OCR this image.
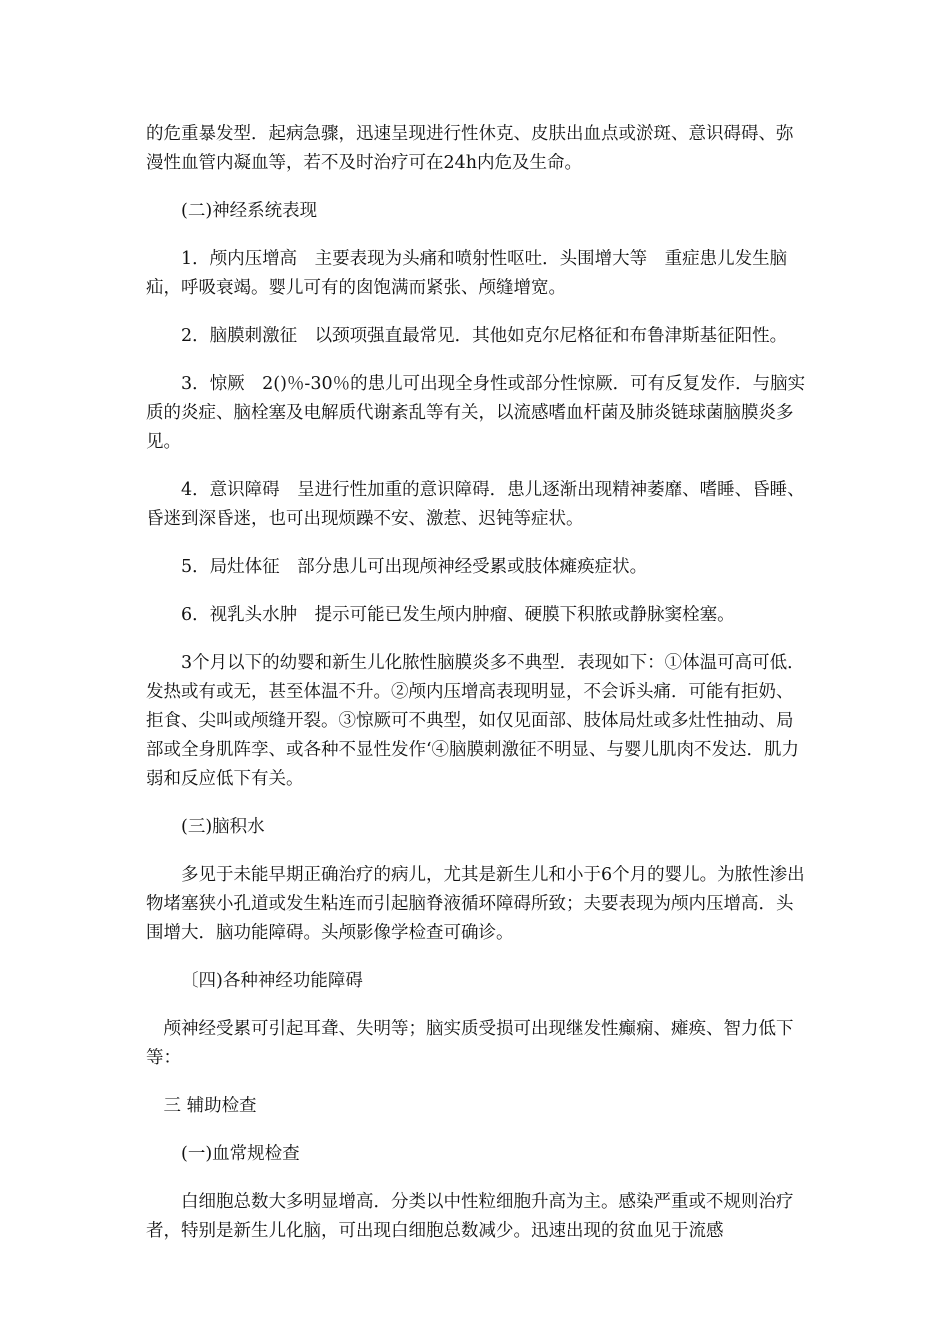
的危重暴发型．起病急骤，迅速呈现进行性休克、皮肤出血点或淤斑、意识碍碍、弥漫性血管内凝血等，若不及时治疗可在24h内危及生命。

(二)神经系统表现

1．颅内压增高　主要表现为头痛和喷射性呕吐．头围增大等　重症患儿发生脑疝，呼吸衰竭。婴儿可有的囱饱满而紧张、颅缝增宽。

2．脑膜刺激征　以颈项强直最常见．其他如克尔尼格征和布鲁津斯基征阳性。

3．惊厥　2()％-30％的患儿可出现全身性或部分性惊厥．可有反复发作．与脑实质的炎症、脑栓塞及电解质代谢紊乱等有关，以流感嗜血杆菌及肺炎链球菌脑膜炎多见。

4．意识障碍　呈进行性加重的意识障碍．患儿逐渐出现精神萎靡、嗜睡、昏睡、昏迷到深昏迷，也可出现烦躁不安、激惹、迟钝等症状。

5．局灶体征　部分患儿可出现颅神经受累或肢体瘫痪症状。

6．视乳头水肿　提示可能已发生颅内肿瘤、硬膜下积脓或静脉窦栓塞。

3个月以下的幼婴和新生儿化脓性脑膜炎多不典型．表现如下：①体温可高可低．发热或有或无，甚至体温不升。②颅内压增高表现明显，不会诉头痛．可能有拒奶、拒食、尖叫或颅缝开裂。③惊厥可不典型，如仅见面部、肢体局灶或多灶性抽动、局部或全身肌阵孪、或各种不显性发作‘④脑膜刺激征不明显、与婴儿肌肉不发达．肌力弱和反应低下有关。

(三)脑积水

多见于未能早期正确治疗的病儿，尤其是新生儿和小于6个月的婴儿。为脓性渗出物堵塞狭小孔道或发生粘连而引起脑脊液循环障碍所致；夫要表现为颅内压增高．头围增大．脑功能障碍。头颅影像学检查可确诊。

〔四)各种神经功能障碍

颅神经受累可引起耳聋、失明等；脑实质受损可出现继发性癫痫、瘫痪、智力低下等：

三 辅助检查

(一)血常规检查

白细胞总数大多明显增高．分类以中性粒细胞升高为主。感染严重或不规则治疗者，特别是新生儿化脑，可出现白细胞总数减少。迅速出现的贫血见于流感
